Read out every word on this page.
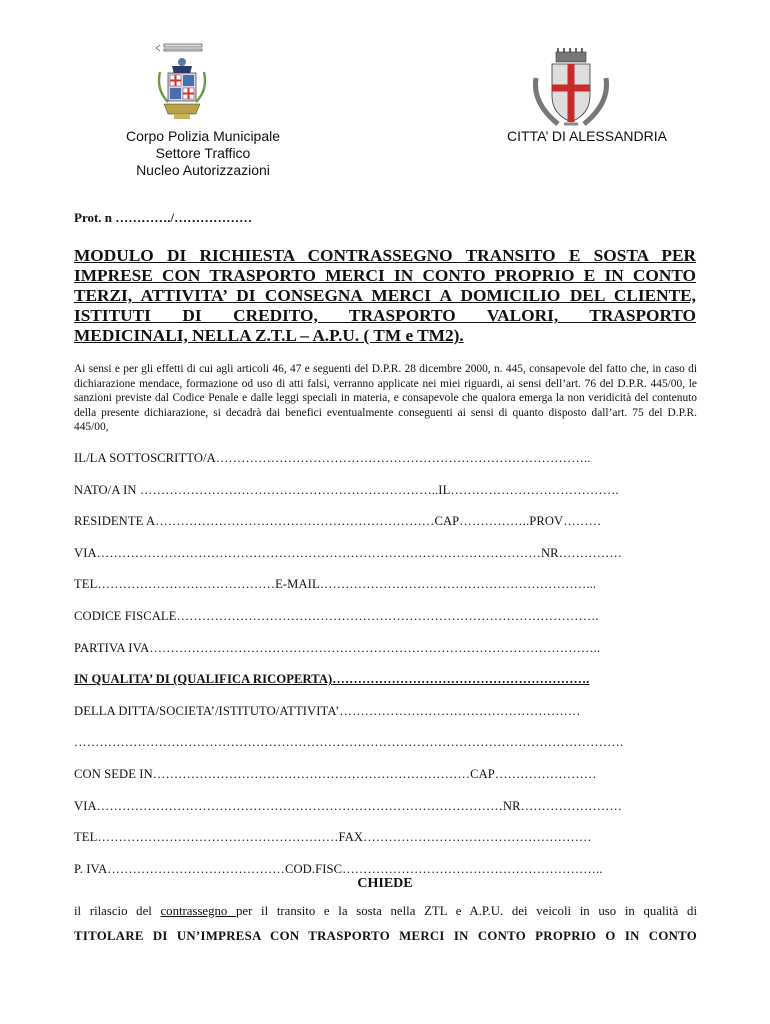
Corpo Polizia Municipale
Settore Traffico
Nucleo Autorizzazioni
CITTA’ DI ALESSANDRIA
Prot. n …………./………………
MODULO DI RICHIESTA CONTRASSEGNO TRANSITO E SOSTA PER
IMPRESE CON TRASPORTO MERCI IN CONTO PROPRIO E IN CONTO
TERZI, ATTIVITA’ DI CONSEGNA MERCI A DOMICILIO DEL CLIENTE,
ISTITUTI DI CREDITO, TRASPORTO VALORI, TRASPORTO
MEDICINALI, NELLA Z.T.L – A.P.U. ( TM e TM2).
Ai sensi e per gli effetti di cui agli articoli 46, 47 e seguenti del D.P.R. 28 dicembre 2000, n. 445, consapevole del fatto che, in caso di dichiarazione mendace, formazione od uso di atti falsi, verranno applicate nei miei riguardi, ai sensi dell’art. 76 del D.P.R. 445/00, le sanzioni previste dal Codice Penale e dalle leggi speciali in materia, e consapevole che qualora emerga la non veridicità del contenuto della presente dichiarazione, si decadrà dai benefici eventualmente conseguenti ai sensi di quanto disposto dall’art. 75 del D.P.R. 445/00,
IL/LA SOTTOSCRITTO/A……………………………………………………………………………..
NATO/A IN ……………………………………………………………..IL………………………………….
RESIDENTE A…………………………………………………………CAP……………..PROV………
VIA……………………………………………………………………………………………NR……………
TEL……………………………………E-MAIL………………………………………………………...
CODICE FISCALE……………………………………………………………………………………….
PARTIVA IVA……………………………………………………………………………………………..
IN QUALITA’ DI (QUALIFICA RICOPERTA)…………………………………………………….
DELLA DITTA/SOCIETA’/ISTITUTO/ATTIVITA’…………………………………………………
………………………………………………………………………………………………………………….
CON SEDE IN…………………………………………………………………CAP……………………
VIA……………………………………………………………………………………NR……………………
TEL…………………………………………………FAX………………………………………………
P. IVA……………………………………COD.FISC……………………………………………………..
CHIEDE
il rilascio del contrassegno per il transito e la sosta nella ZTL e A.P.U. dei veicoli in uso in qualità di
TITOLARE DI UN’IMPRESA CON TRASPORTO MERCI IN CONTO PROPRIO O IN CONTO
